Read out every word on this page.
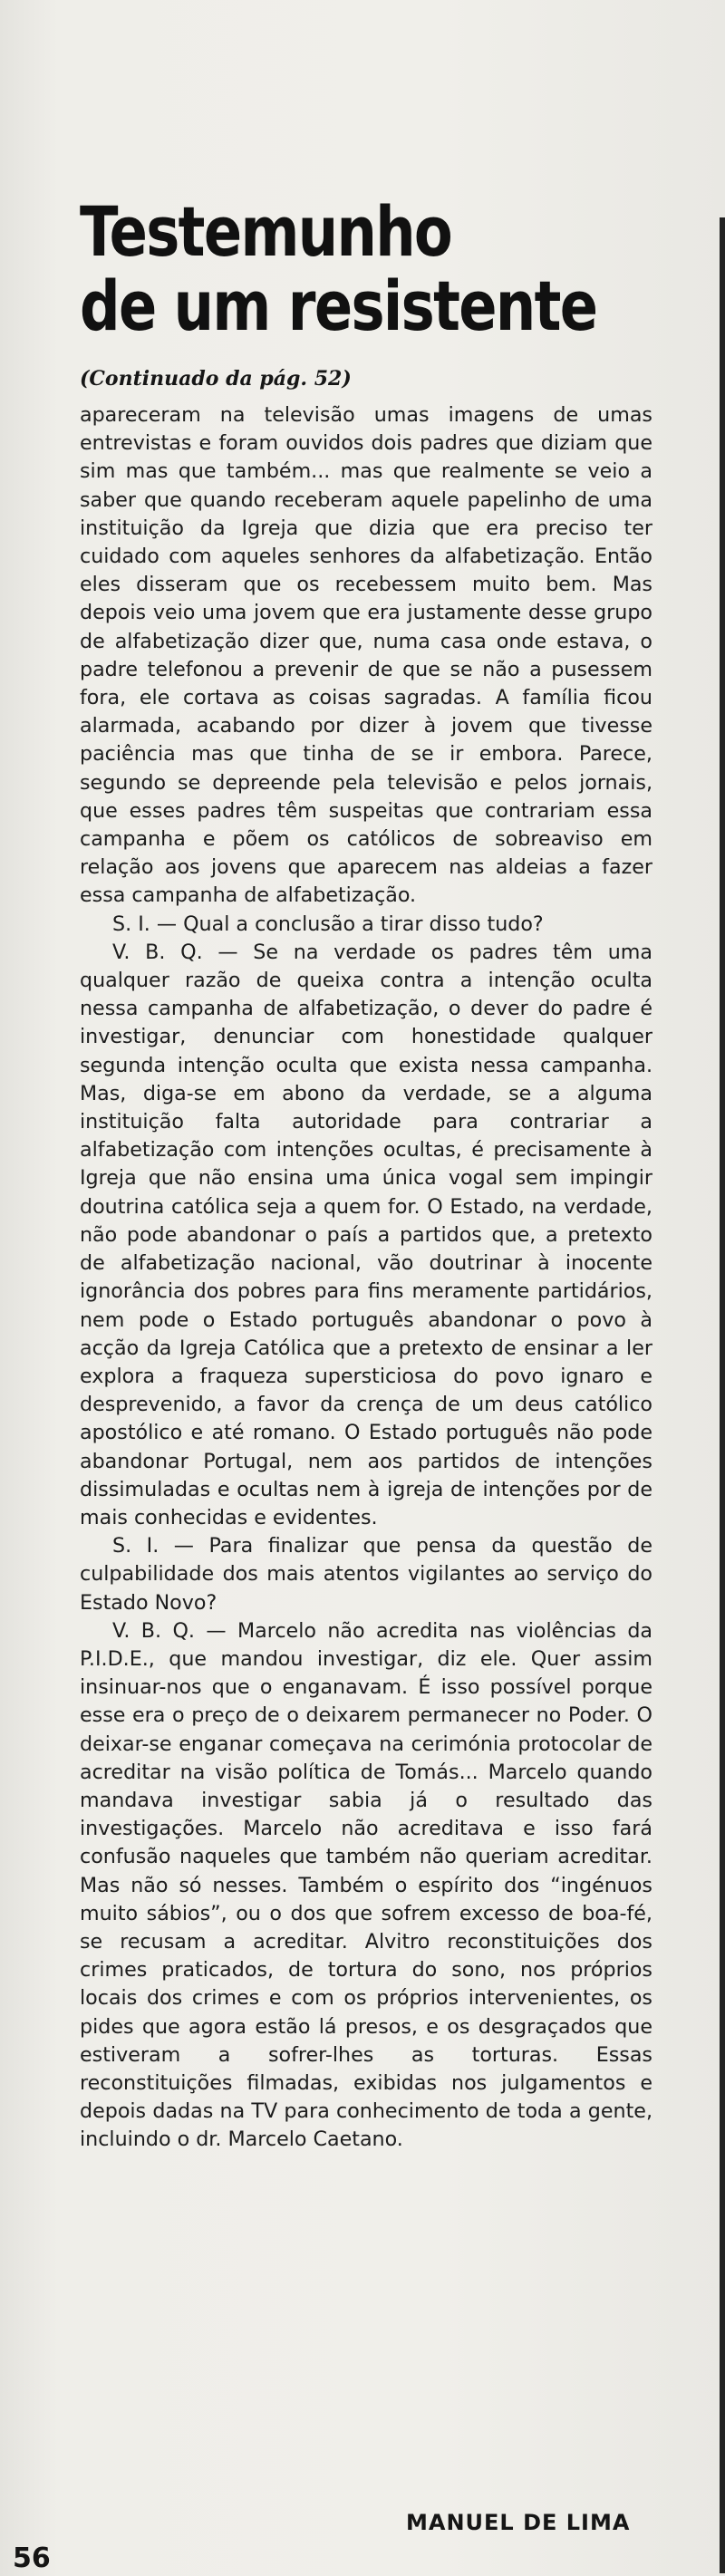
Testemunho
de um resistente
(Continuado da pág. 52)

apareceram na televisão umas imagens de umas entrevistas e foram ouvidos dois padres que diziam que sim mas que também... mas que realmente se veio a saber que quando receberam aquele papelinho de uma instituição da Igreja que dizia que era preciso ter cuidado com aqueles senhores da alfabetização. Então eles disseram que os recebessem muito bem. Mas depois veio uma jovem que era justamente desse grupo de alfabetização dizer que, numa casa onde estava, o padre telefonou a prevenir de que se não a pusessem fora, ele cortava as coisas sagradas. A família ficou alarmada, acabando por dizer à jovem que tivesse paciência mas que tinha de se ir embora. Parece, segundo se depreende pela televisão e pelos jornais, que esses padres têm suspeitas que contrariam essa campanha e põem os católicos de sobreaviso em relação aos jovens que aparecem nas aldeias a fazer essa campanha de alfabetização.

S. I. — Qual a conclusão a tirar disso tudo?

V. B. Q. — Se na verdade os padres têm uma qualquer razão de queixa contra a intenção oculta nessa campanha de alfabetização, o dever do padre é investigar, denunciar com honestidade qualquer segunda intenção oculta que exista nessa campanha. Mas, diga-se em abono da verdade, se a alguma instituição falta autoridade para contrariar a alfabetização com intenções ocultas, é precisamente à Igreja que não ensina uma única vogal sem impingir doutrina católica seja a quem for. O Estado, na verdade, não pode abandonar o país a partidos que, a pretexto de alfabetização nacional, vão doutrinar à inocente ignorância dos pobres para fins meramente partidários, nem pode o Estado português abandonar o povo à acção da Igreja Católica que a pretexto de ensinar a ler explora a fraqueza supersticiosa do povo ignaro e desprevenido, a favor da crença de um deus católico apostólico e até romano. O Estado português não pode abandonar Portugal, nem aos partidos de intenções dissimuladas e ocultas nem à igreja de intenções por de mais conhecidas e evidentes.

S. I. — Para finalizar que pensa da questão de culpabilidade dos mais atentos vigilantes ao serviço do Estado Novo?

V. B. Q. — Marcelo não acredita nas violências da P.I.D.E., que mandou investigar, diz ele. Quer assim insinuar-nos que o enganavam. É isso possível porque esse era o preço de o deixarem permanecer no Poder. O deixar-se enganar começava na cerimónia protocolar de acreditar na visão política de Tomás... Marcelo quando mandava investigar sabia já o resultado das investigações. Marcelo não acreditava e isso fará confusão naqueles que também não queriam acreditar. Mas não só nesses. Também o espírito dos “ingénuos muito sábios”, ou o dos que sofrem excesso de boa-fé, se recusam a acreditar. Alvitro reconstituições dos crimes praticados, de tortura do sono, nos próprios locais dos crimes e com os próprios intervenientes, os pides que agora estão lá presos, e os desgraçados que estiveram a sofrer-lhes as torturas. Essas reconstituições filmadas, exibidas nos julgamentos e depois dadas na TV para conhecimento de toda a gente, incluindo o dr. Marcelo Caetano.

MANUEL DE LIMA
56
